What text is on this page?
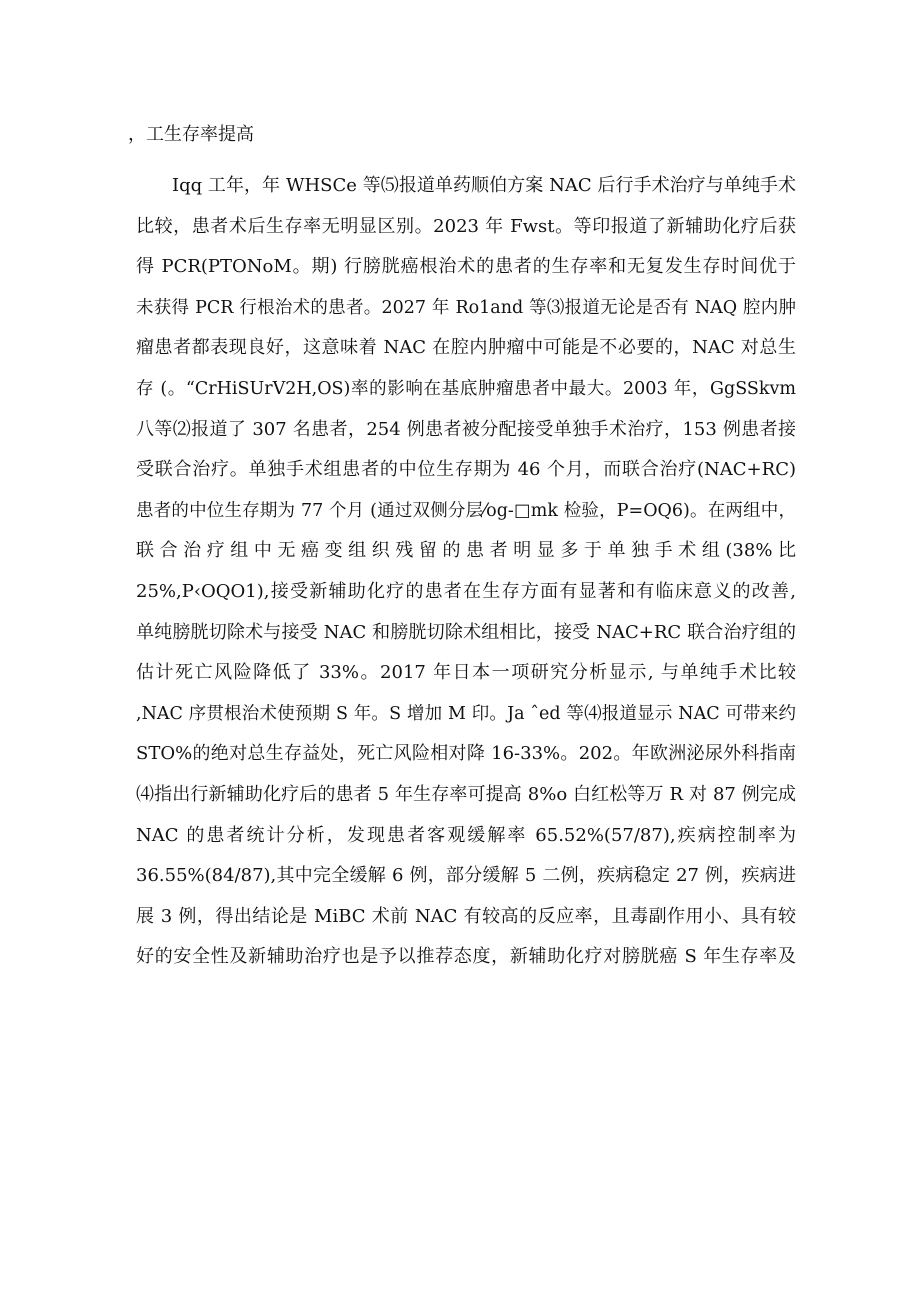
，工生存率提高
Iqq 工年，年 WHSCe 等⑸报道单药顺伯方案 NAC 后行手术治疗与单纯手术
比较，患者术后生存率无明显区别。2023 年 Fwst。等印报道了新辅助化疗后获
得 PCR(PTONoM。期) 行膀胱癌根治术的患者的生存率和无复发生存时间优于
未获得 PCR 行根治术的患者。2027 年 Ro1and 等⑶报道无论是否有 NAQ 腔内肿
瘤患者都表现良好，这意味着 NAC 在腔内肿瘤中可能是不必要的，NAC 对总生
存 (。“CrHiSUrV2H,OS)率的影响在基底肿瘤患者中最大。2003 年，GgSSkvm
八等⑵报道了 307 名患者，254 例患者被分配接受单独手术治疗，153 例患者接
受联合治疗。单独手术组患者的中位生存期为 46 个月，而联合治疗(NAC+RC)
患者的中位生存期为 77 个月 (通过双侧分层⁄og-□mk 检验，P=OQ6)。在两组中，
联合治疗组中无癌变组织残留的患者明显多于单独手术组(38%比
25%,P‹OQO1),接受新辅助化疗的患者在生存方面有显著和有临床意义的改善,
单纯膀胱切除术与接受 NAC 和膀胱切除术组相比，接受 NAC+RC 联合治疗组的
估计死亡风险降低了 33%。2017 年日本一项研究分析显示, 与单纯手术比较
,NAC 序贯根治术使预期 S 年。S 增加 M 印。Ja ˆed 等⑷报道显示 NAC 可带来约
STO%的绝对总生存益处，死亡风险相对降 16-33%。202。年欧洲泌尿外科指南
⑷指出行新辅助化疗后的患者 5 年生存率可提高 8%o 白红松等万 R 对 87 例完成
NAC 的患者统计分析，发现患者客观缓解率 65.52%(57/87),疾病控制率为
36.55%(84/87),其中完全缓解 6 例，部分缓解 5 二例，疾病稳定 27 例，疾病进
展 3 例，得出结论是 MiBC 术前 NAC 有较高的反应率，且毒副作用小、具有较
好的安全性及新辅助治疗也是予以推荐态度，新辅助化疗对膀胱癌 S 年生存率及
